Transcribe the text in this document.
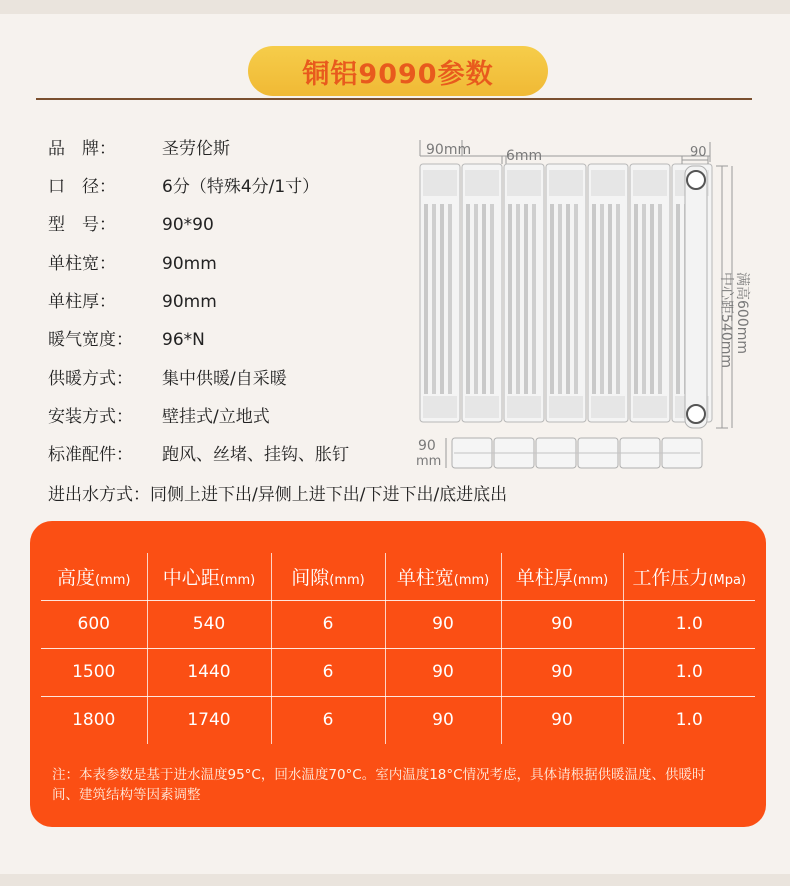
铜铝9090参数
品　牌：	圣劳伦斯
口　径：	6分（特殊4分/1寸）
型　号：	90*90
单柱宽：	90mm
单柱厚：	90mm
暖气宽度： 96*N
供暖方式： 集中供暖/自采暖
安装方式： 壁挂式/立地式
标准配件： 跑风、丝堵、挂钩、胀钉
90mm 6mm	90
满高600mm
中心距540mm
90
mm
进出水方式：同侧上进下出/异侧上进下出/下进下出/底进底出
高度(mm)	中心距(mm)	间隙(mm)	单柱宽(mm)	单柱厚(mm)	工作压力(Mpa)
600	540	6	90	90	1.0
1500	1440	6	90	90	1.0
1800	1740	6	90	90	1.0
注：本表参数是基于进水温度95°C，回水温度70°C。室内温度18°C情况考虑，具体请根据供暖温度、供暖时间、建筑结构等因素调整
